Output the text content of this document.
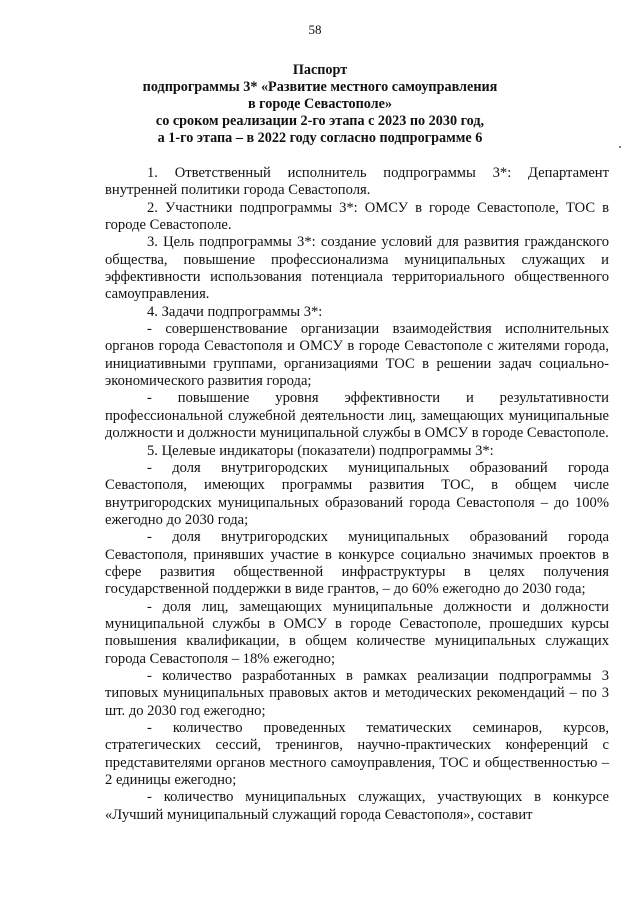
58
Паспорт
подпрограммы 3* «Развитие местного самоуправления
в городе Севастополе»
со сроком реализации 2-го этапа с 2023 по 2030 год,
а 1-го этапа – в 2022 году согласно подпрограмме 6

1. Ответственный исполнитель подпрограммы 3*: Департамент внутренней политики города Севастополя.

2. Участники подпрограммы 3*: ОМСУ в городе Севастополе, ТОС в городе Севастополе.

3. Цель подпрограммы 3*: создание условий для развития гражданского общества, повышение профессионализма муниципальных служащих и эффективности использования потенциала территориального общественного самоуправления.

4. Задачи подпрограммы 3*:

- совершенствование организации взаимодействия исполнительных органов города Севастополя и ОМСУ в городе Севастополе с жителями города, инициативными группами, организациями ТОС в решении задач социально-экономического развития города;

- повышение уровня эффективности и результативности профессиональной служебной деятельности лиц, замещающих муниципальные должности и должности муниципальной службы в ОМСУ в городе Севастополе.

5. Целевые индикаторы (показатели) подпрограммы 3*:

- доля внутригородских муниципальных образований города Севастополя, имеющих программы развития ТОС, в общем числе внутригородских муниципальных образований города Севастополя – до 100% ежегодно до 2030 года;

- доля внутригородских муниципальных образований города Севастополя, принявших участие в конкурсе социально значимых проектов в сфере развития общественной инфраструктуры в целях получения государственной поддержки в виде грантов, – до 60% ежегодно до 2030 года;

- доля лиц, замещающих муниципальные должности и должности муниципальной службы в ОМСУ в городе Севастополе, прошедших курсы повышения квалификации, в общем количестве муниципальных служащих города Севастополя – 18% ежегодно;

- количество разработанных в рамках реализации подпрограммы 3 типовых муниципальных правовых актов и методических рекомендаций – по 3 шт. до 2030 год ежегодно;

- количество проведенных тематических семинаров, курсов, стратегических сессий, тренингов, научно-практических конференций с представителями органов местного самоуправления, ТОС и общественностью – 2 единицы ежегодно;

- количество муниципальных служащих, участвующих в конкурсе «Лучший муниципальный служащий города Севастополя», составит
